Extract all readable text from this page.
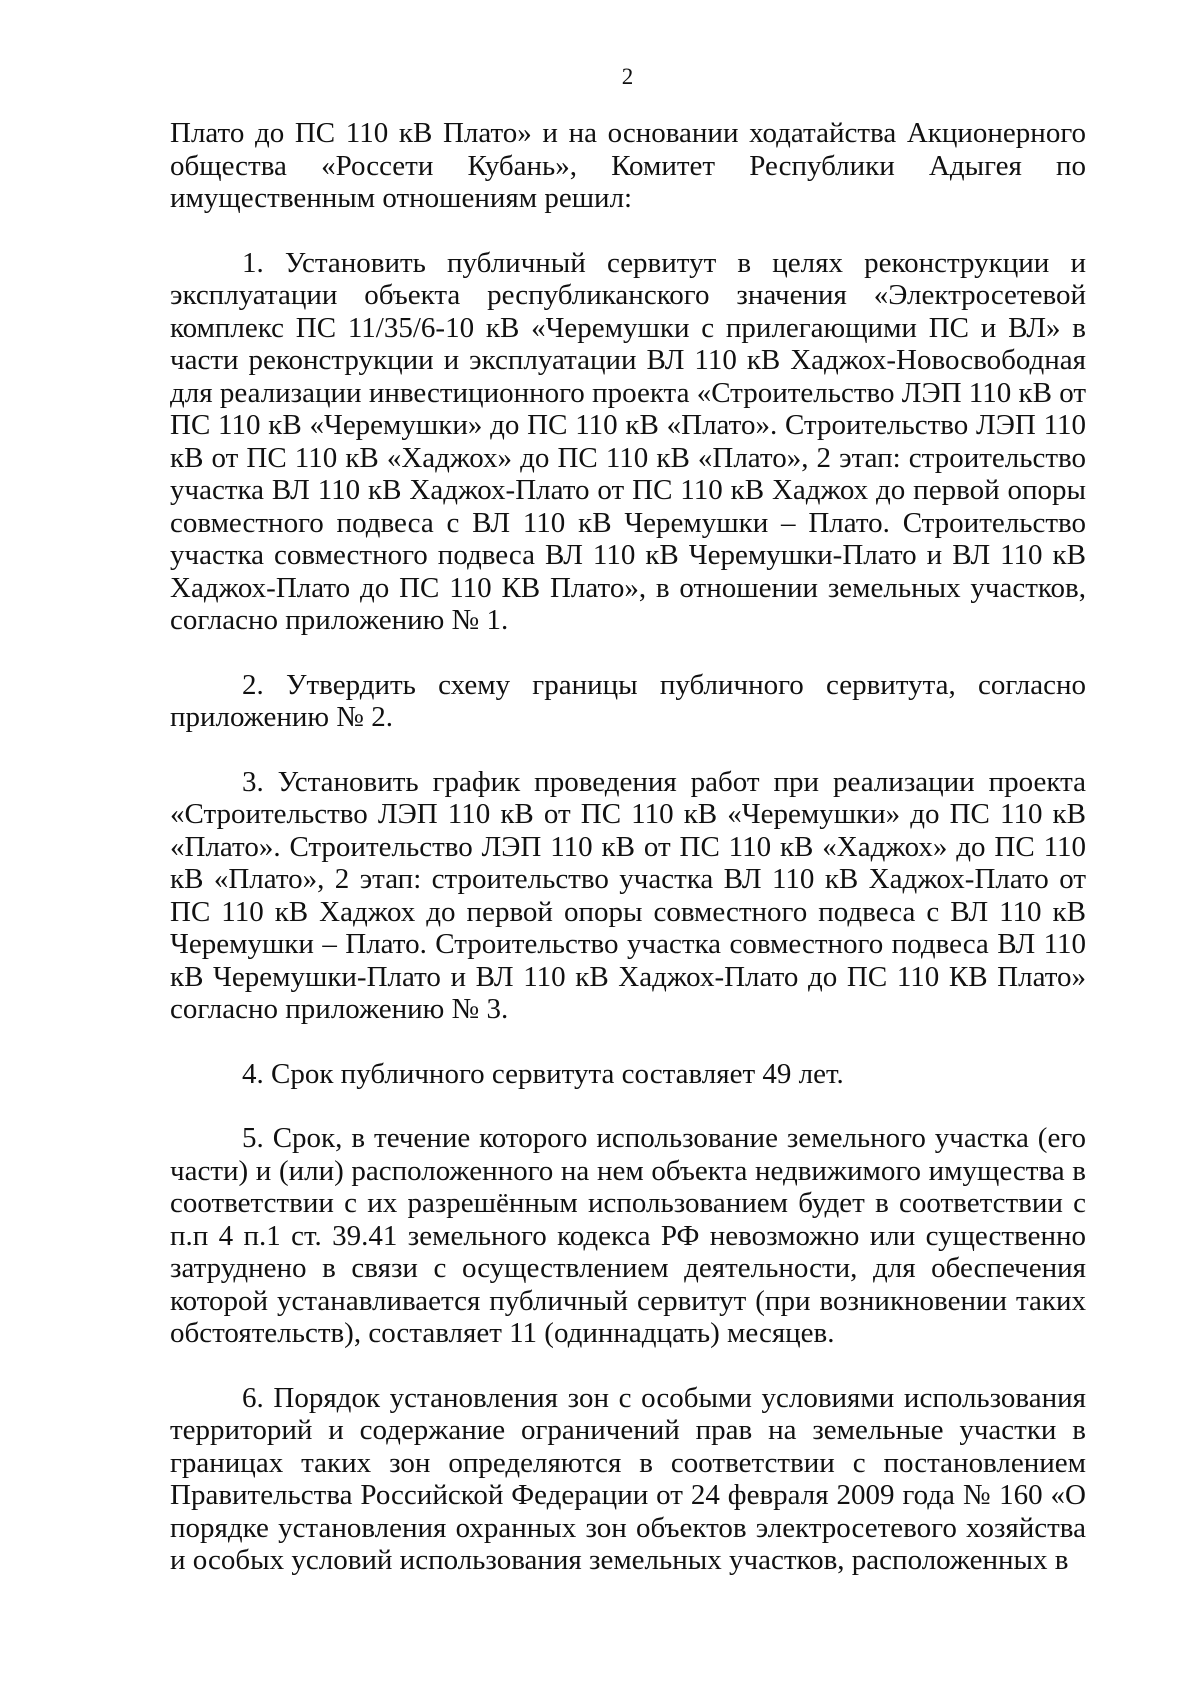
2

Плато до ПС 110 кВ Плато» и на основании ходатайства Акционерного общества «Россети Кубань», Комитет Республики Адыгея по имущественным отношениям решил:

1. Установить публичный сервитут в целях реконструкции и эксплуатации объекта республиканского значения «Электросетевой комплекс ПС 11/35/6-10 кВ «Черемушки с прилегающими ПС и ВЛ» в части реконструкции и эксплуатации ВЛ 110 кВ Хаджох-Новосвободная для реализации инвестиционного проекта «Строительство ЛЭП 110 кВ от ПС 110 кВ «Черемушки» до ПС 110 кВ «Плато». Строительство ЛЭП 110 кВ от ПС 110 кВ «Хаджох» до ПС 110 кВ «Плато», 2 этап: строительство участка ВЛ 110 кВ Хаджох-Плато от ПС 110 кВ Хаджох до первой опоры совместного подвеса с ВЛ 110 кВ Черемушки – Плато. Строительство участка совместного подвеса ВЛ 110 кВ Черемушки-Плато и ВЛ 110 кВ Хаджох-Плато до ПС 110 КВ Плато», в отношении земельных участков, согласно приложению № 1.

2. Утвердить схему границы публичного сервитута, согласно приложению № 2.

3. Установить график проведения работ при реализации проекта «Строительство ЛЭП 110 кВ от ПС 110 кВ «Черемушки» до ПС 110 кВ «Плато». Строительство ЛЭП 110 кВ от ПС 110 кВ «Хаджох» до ПС 110 кВ «Плато», 2 этап: строительство участка ВЛ 110 кВ Хаджох-Плато от ПС 110 кВ Хаджох до первой опоры совместного подвеса с ВЛ 110 кВ Черемушки – Плато. Строительство участка совместного подвеса ВЛ 110 кВ Черемушки-Плато и ВЛ 110 кВ Хаджох-Плато до ПС 110 КВ Плато» согласно приложению № 3.

4. Срок публичного сервитута составляет 49 лет.

5. Срок, в течение которого использование земельного участка (его части) и (или) расположенного на нем объекта недвижимого имущества в соответствии с их разрешённым использованием будет в соответствии с п.п 4 п.1 ст. 39.41 земельного кодекса РФ невозможно или существенно затруднено в связи с осуществлением деятельности, для обеспечения которой устанавливается публичный сервитут (при возникновении таких обстоятельств), составляет 11 (одиннадцать) месяцев.

6. Порядок установления зон с особыми условиями использования территорий и содержание ограничений прав на земельные участки в границах таких зон определяются в соответствии с постановлением Правительства Российской Федерации от 24 февраля 2009 года № 160 «О порядке установления охранных зон объектов электросетевого хозяйства и особых условий использования земельных участков, расположенных в
